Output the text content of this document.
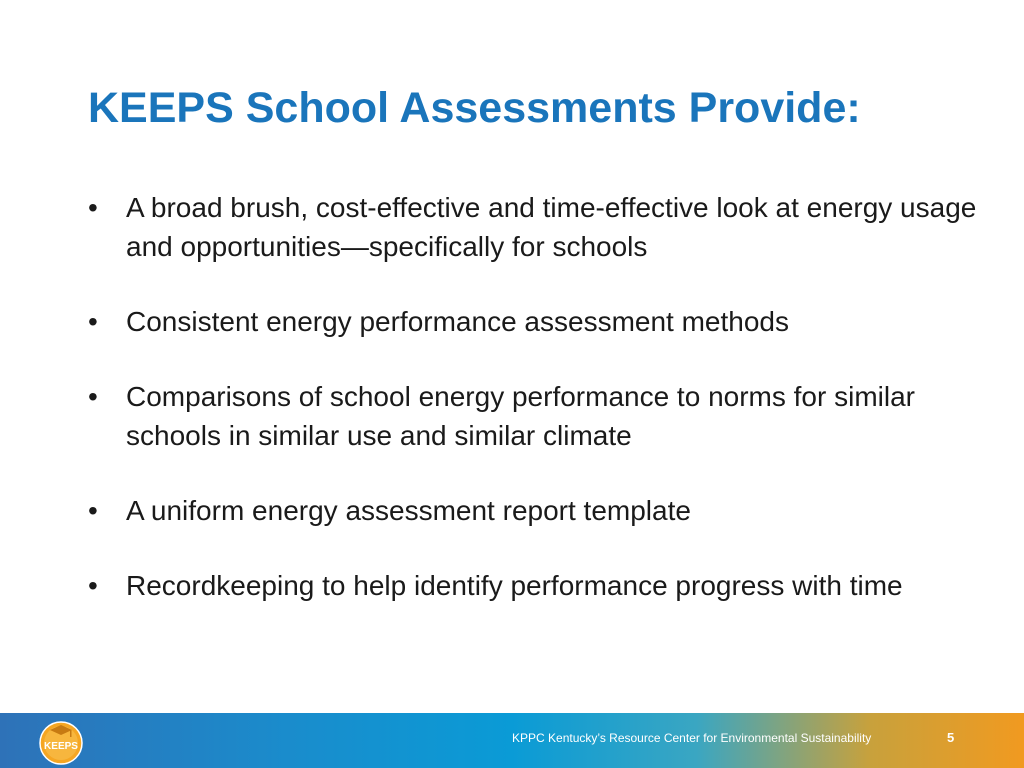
KEEPS School Assessments Provide:
•	A broad brush, cost-effective and time-effective look at energy usage and opportunities—specifically for schools
•	Consistent energy performance assessment methods
•	Comparisons of school energy performance to norms for similar schools in similar use and similar climate
•	A uniform energy assessment report template
•	Recordkeeping to help identify performance progress with time
KEEPS
KPPC Kentucky’s Resource Center for Environmental Sustainability	5
